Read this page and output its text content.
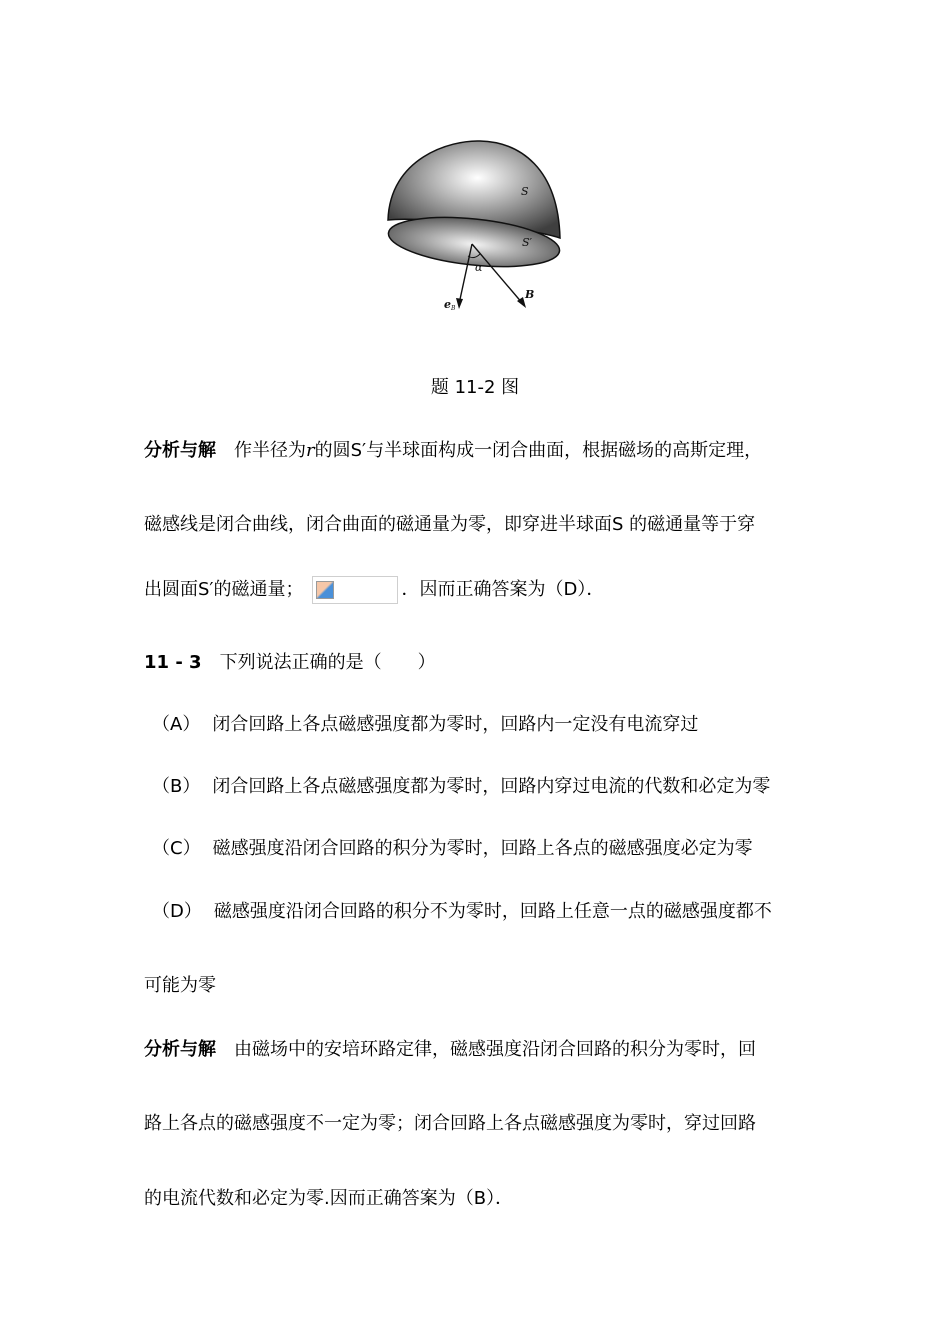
S
S′
α
B
e B
题 11-2 图
分析与解 作半径为r的圆S′与半球面构成一闭合曲面，根据磁场的高斯定理，
磁感线是闭合曲线，闭合曲面的磁通量为零，即穿进半球面S 的磁通量等于穿
出圆面S′的磁通量；	．因而正确答案为（D）．
11 - 3 下列说法正确的是（　　）
（A） 闭合回路上各点磁感强度都为零时，回路内一定没有电流穿过
（B） 闭合回路上各点磁感强度都为零时，回路内穿过电流的代数和必定为零
（C） 磁感强度沿闭合回路的积分为零时，回路上各点的磁感强度必定为零
（D） 磁感强度沿闭合回路的积分不为零时，回路上任意一点的磁感强度都不
可能为零
分析与解 由磁场中的安培环路定律，磁感强度沿闭合回路的积分为零时，回
路上各点的磁感强度不一定为零；闭合回路上各点磁感强度为零时，穿过回路
的电流代数和必定为零.因而正确答案为（B）．
